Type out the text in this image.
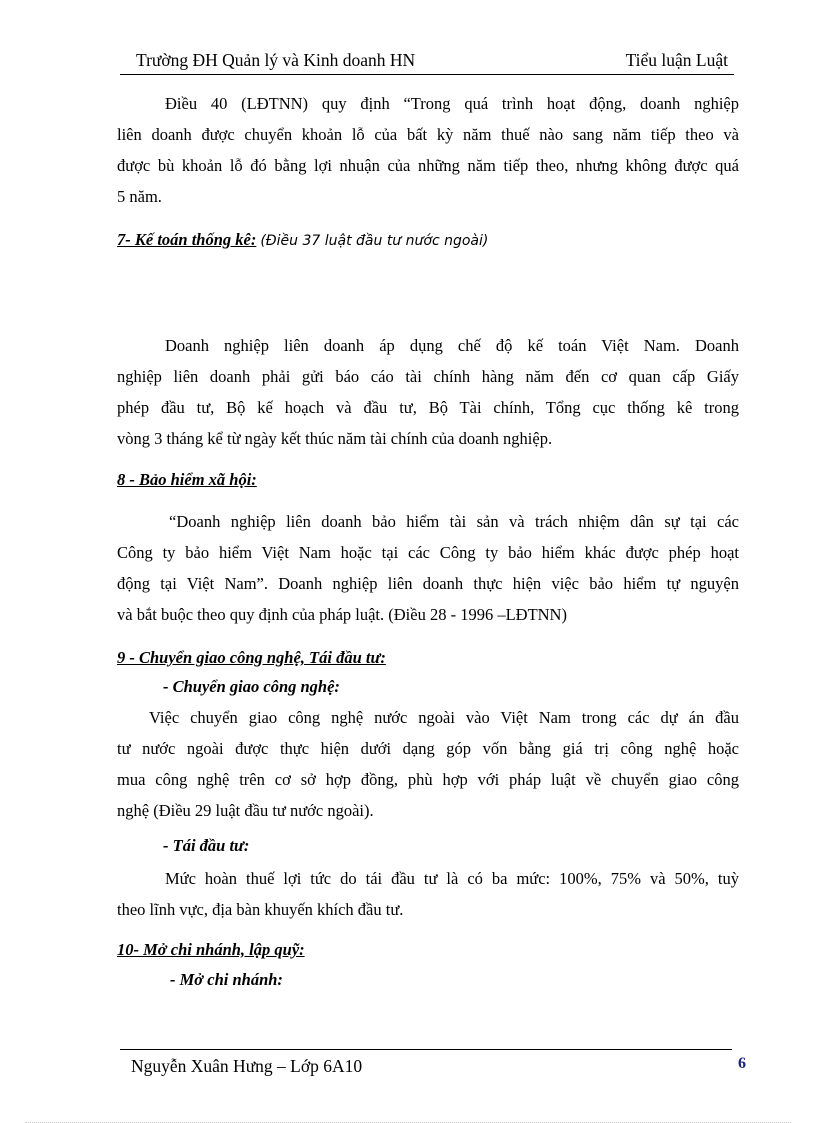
Trường ĐH Quản lý và Kinh doanh HN	Tiểu luận Luật
Điều 40 (LĐTNN) quy định “Trong quá trình hoạt động, doanh nghiệp
liên doanh được chuyển khoản lỗ của bất kỳ năm thuế nào sang năm tiếp theo và
được bù khoản lỗ đó bằng lợi nhuận của những năm tiếp theo, nhưng không được quá
5 năm.
7- Kế toán thống kê: (Điều 37 luật đầu tư nước ngoài)
Doanh nghiệp liên doanh áp dụng chế độ kế toán Việt Nam. Doanh
nghiệp liên doanh phải gửi báo cáo tài chính hàng năm đến cơ quan cấp Giấy
phép đầu tư, Bộ kế hoạch và đầu tư, Bộ Tài chính, Tổng cục thống kê trong
vòng 3 tháng kể từ ngày kết thúc năm tài chính của doanh nghiệp.
8 - Bảo hiểm xã hội:
“Doanh nghiệp liên doanh bảo hiểm tài sản và trách nhiệm dân sự tại các
Công ty bảo hiểm Việt Nam hoặc tại các Công ty bảo hiểm khác được phép hoạt
động tại Việt Nam”. Doanh nghiệp liên doanh thực hiện việc bảo hiểm tự nguyện
và bắt buộc theo quy định của pháp luật. (Điều 28 - 1996 –LĐTNN)
9 - Chuyển giao công nghệ, Tái đầu tư:
- Chuyển giao công nghệ:
Việc chuyển giao công nghệ nước ngoài vào Việt Nam trong các dự án đầu
tư nước ngoài được thực hiện dưới dạng góp vốn bằng giá trị công nghệ hoặc
mua công nghệ trên cơ sở hợp đồng, phù hợp với pháp luật về chuyển giao công
nghệ (Điều 29 luật đầu tư nước ngoài).
- Tái đầu tư:
Mức hoàn thuế lợi tức do tái đầu tư là có ba mức: 100%, 75% và 50%, tuỳ
theo lĩnh vực, địa bàn khuyến khích đầu tư.
10- Mở chi nhánh, lập quỹ:
- Mở chi nhánh:
Nguyễn Xuân Hưng – Lớp 6A10	6
